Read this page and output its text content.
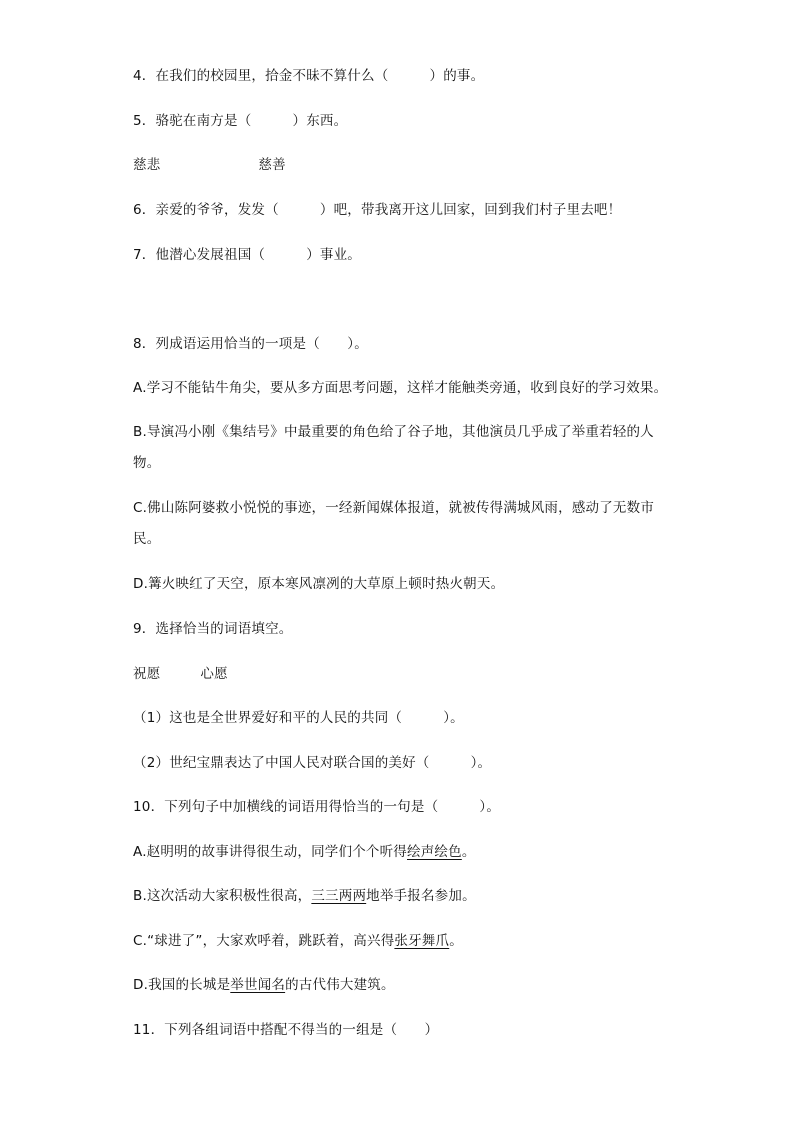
4．在我们的校园里，拾金不昧不算什么（　　　）的事。
5．骆驼在南方是（　　　）东西。
慈悲	慈善
6．亲爱的爷爷，发发（　　　）吧，带我离开这儿回家，回到我们村子里去吧！
7．他潜心发展祖国（　　　）事业。
8．列成语运用恰当的一项是（　　）。
A.学习不能钻牛角尖，要从多方面思考问题，这样才能触类旁通，收到良好的学习效果。
B.导演冯小刚《集结号》中最重要的角色给了谷子地，其他演员几乎成了举重若轻的人物。
C.佛山陈阿婆救小悦悦的事迹，一经新闻媒体报道，就被传得满城风雨，感动了无数市民。
D.篝火映红了天空，原本寒风凛冽的大草原上顿时热火朝天。
9．选择恰当的词语填空。
祝愿	心愿
（1）这也是全世界爱好和平的人民的共同（　　　）。
（2）世纪宝鼎表达了中国人民对联合国的美好（　　　）。
10．下列句子中加横线的词语用得恰当的一句是（　　　）。
A.赵明明的故事讲得很生动，同学们个个听得绘声绘色。
B.这次活动大家积极性很高，三三两两地举手报名参加。
C.“球进了”，大家欢呼着，跳跃着，高兴得张牙舞爪。
D.我国的长城是举世闻名的古代伟大建筑。
11．下列各组词语中搭配不得当的一组是（　　）
